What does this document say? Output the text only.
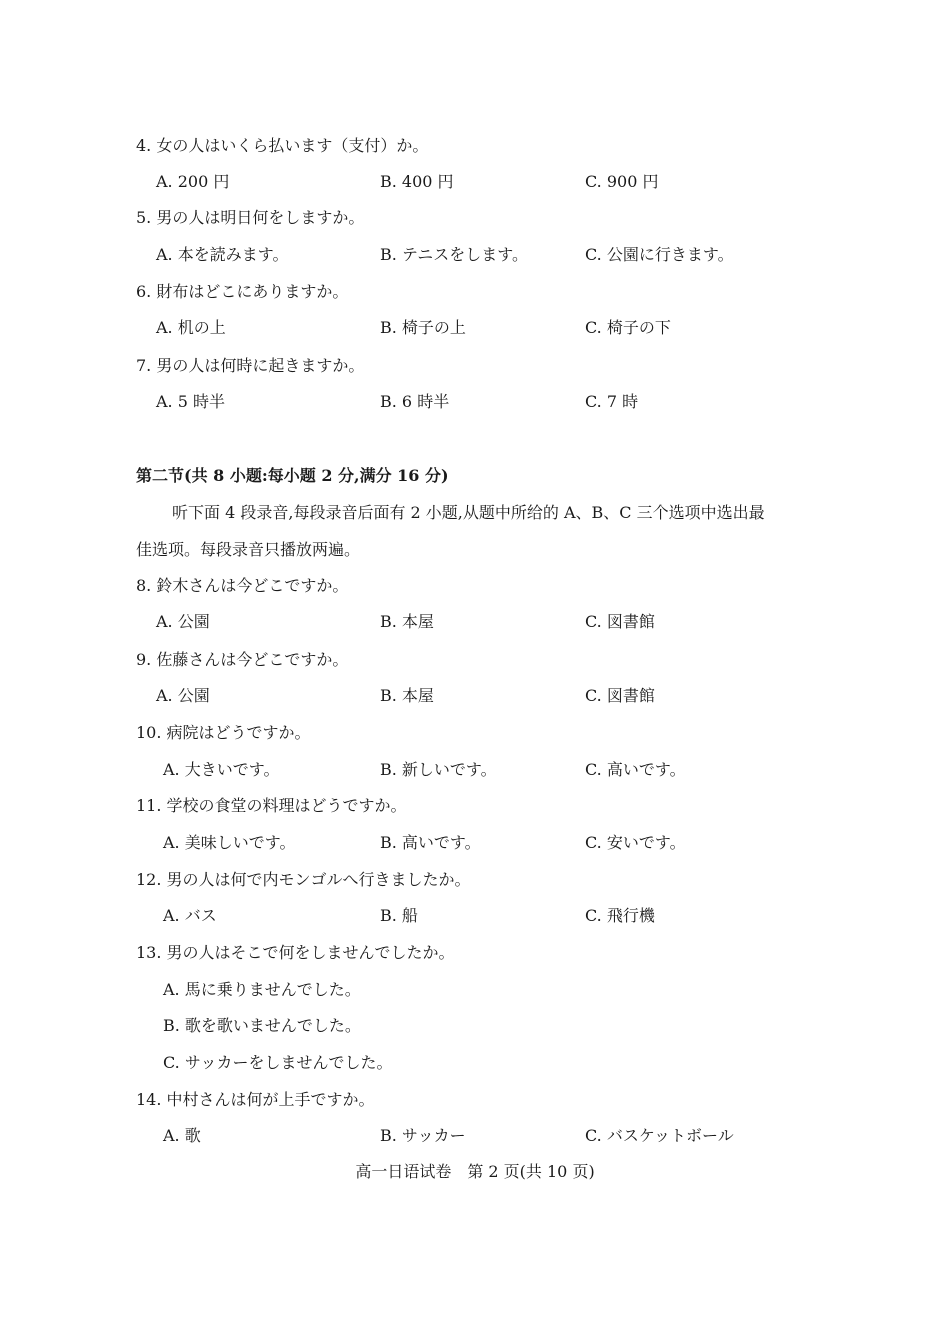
4. 女の人はいくら払います（支付）か。
A. 200 円	B. 400 円	C. 900 円
5. 男の人は明日何をしますか。
A. 本を読みます。	B. テニスをします。	C. 公園に行きます。
6. 財布はどこにありますか。
A. 机の上	B. 椅子の上	C. 椅子の下
7. 男の人は何時に起きますか。
A. 5 時半	B. 6 時半	C. 7 時
第二节(共 8 小题:每小题 2 分,满分 16 分)
听下面 4 段录音,每段录音后面有 2 小题,从题中所给的 A、B、C 三个选项中选出最
佳选项。每段录音只播放两遍。
8. 鈴木さんは今どこですか。
A. 公園	B. 本屋	C. 図書館
9. 佐藤さんは今どこですか。
A. 公園	B. 本屋	C. 図書館
10. 病院はどうですか。
A. 大きいです。	B. 新しいです。	C. 高いです。
11. 学校の食堂の料理はどうですか。
A. 美味しいです。	B. 高いです。	C. 安いです。
12. 男の人は何で内モンゴルへ行きましたか。
A. バス	B. 船	C. 飛行機
13. 男の人はそこで何をしませんでしたか。
A. 馬に乗りませんでした。
B. 歌を歌いませんでした。
C. サッカーをしませんでした。
14. 中村さんは何が上手ですか。
A. 歌	B. サッカー	C. バスケットボール
高一日语试卷　第 2 页(共 10 页)
